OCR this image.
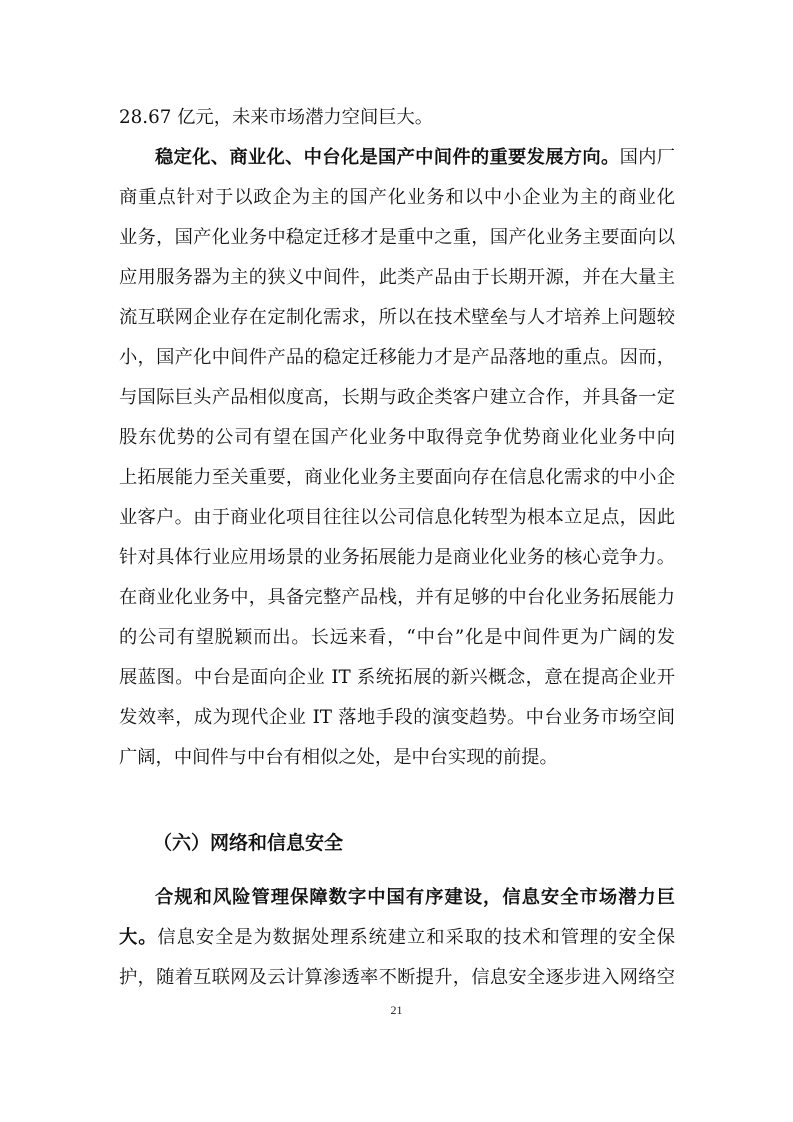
28.67 亿元，未来市场潜力空间巨大。
稳定化、商业化、中台化是国产中间件的重要发展方向。国内厂
商重点针对于以政企为主的国产化业务和以中小企业为主的商业化
业务，国产化业务中稳定迁移才是重中之重，国产化业务主要面向以
应用服务器为主的狭义中间件，此类产品由于长期开源，并在大量主
流互联网企业存在定制化需求，所以在技术壁垒与人才培养上问题较
小，国产化中间件产品的稳定迁移能力才是产品落地的重点。因而，
与国际巨头产品相似度高，长期与政企类客户建立合作，并具备一定
股东优势的公司有望在国产化业务中取得竞争优势商业化业务中向
上拓展能力至关重要，商业化业务主要面向存在信息化需求的中小企
业客户。由于商业化项目往往以公司信息化转型为根本立足点，因此
针对具体行业应用场景的业务拓展能力是商业化业务的核心竞争力。
在商业化业务中，具备完整产品栈，并有足够的中台化业务拓展能力
的公司有望脱颖而出。长远来看，“中台”化是中间件更为广阔的发
展蓝图。中台是面向企业 IT 系统拓展的新兴概念，意在提高企业开
发效率，成为现代企业 IT 落地手段的演变趋势。中台业务市场空间
广阔，中间件与中台有相似之处，是中台实现的前提。
（六）网络和信息安全
合规和风险管理保障数字中国有序建设，信息安全市场潜力巨
大。信息安全是为数据处理系统建立和采取的技术和管理的安全保
护，随着互联网及云计算渗透率不断提升，信息安全逐步进入网络空
21
